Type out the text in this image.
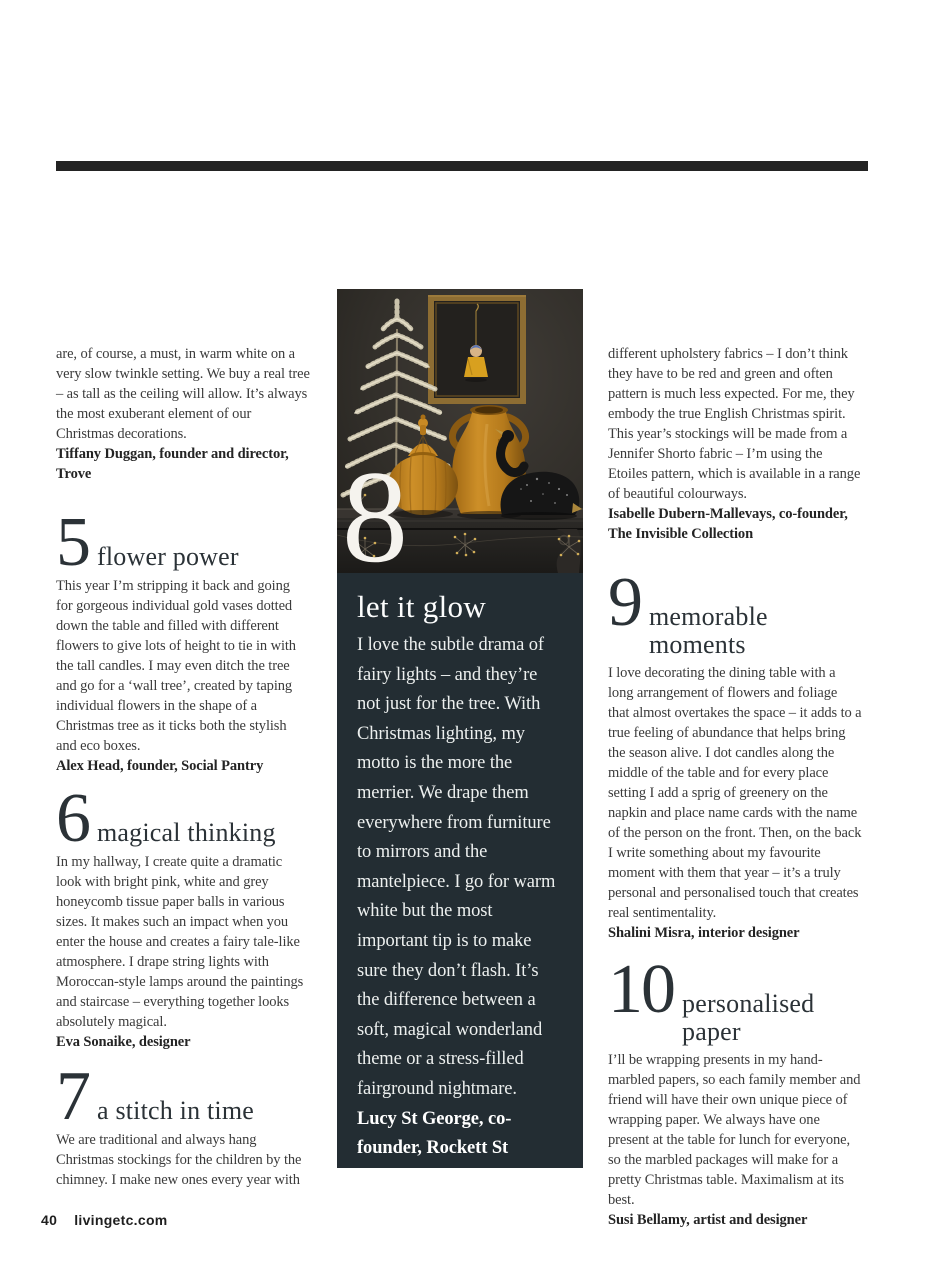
are, of course, a must, in warm white on a very slow twinkle setting. We buy a real tree – as tall as the ceiling will allow. It’s always the most exuberant element of our Christmas decorations.

Tiffany Duggan, founder and director, Trove

5 flower power

This year I’m stripping it back and going for gorgeous individual gold vases dotted down the table and filled with different flowers to give lots of height to tie in with the tall candles. I may even ditch the tree and go for a ‘wall tree’, created by taping individual flowers in the shape of a Christmas tree as it ticks both the stylish and eco boxes.

Alex Head, founder, Social Pantry

6 magical thinking

In my hallway, I create quite a dramatic look with bright pink, white and grey honeycomb tissue paper balls in various sizes. It makes such an impact when you enter the house and creates a fairy tale-like atmosphere. I drape string lights with Moroccan-style lamps around the paintings and staircase – everything together looks absolutely magical.

Eva Sonaike, designer

7 a stitch in time

We are traditional and always hang Christmas stockings for the children by the chimney. I make new ones every year with

8
let it glow

I love the subtle drama of fairy lights – and they’re not just for the tree. With Christmas lighting, my motto is the more the merrier. We drape them everywhere from furniture to mirrors and the mantelpiece. I go for warm white but the most important tip is to make sure they don’t flash. It’s the difference between a soft, magical wonderland theme or a stress-filled fairground nightmare.

Lucy St George, co-founder, Rockett St George

different upholstery fabrics – I don’t think they have to be red and green and often pattern is much less expected. For me, they embody the true English Christmas spirit. This year’s stockings will be made from a Jennifer Shorto fabric – I’m using the Etoiles pattern, which is available in a range of beautiful colourways.

Isabelle Dubern-Mallevays, co-founder, The Invisible Collection

9 memorable moments

I love decorating the dining table with a long arrangement of flowers and foliage that almost overtakes the space – it adds to a true feeling of abundance that helps bring the season alive. I dot candles along the middle of the table and for every place setting I add a sprig of greenery on the napkin and place name cards with the name of the person on the front. Then, on the back I write something about my favourite moment with them that year – it’s a truly personal and personalised touch that creates real sentimentality.

Shalini Misra, interior designer

10 personalised paper

I’ll be wrapping presents in my hand-marbled papers, so each family member and friend will have their own unique piece of wrapping paper. We always have one present at the table for lunch for everyone, so the marbled packages will make for a pretty Christmas table. Maximalism at its best.

Susi Bellamy, artist and designer

40 livingetc.com
